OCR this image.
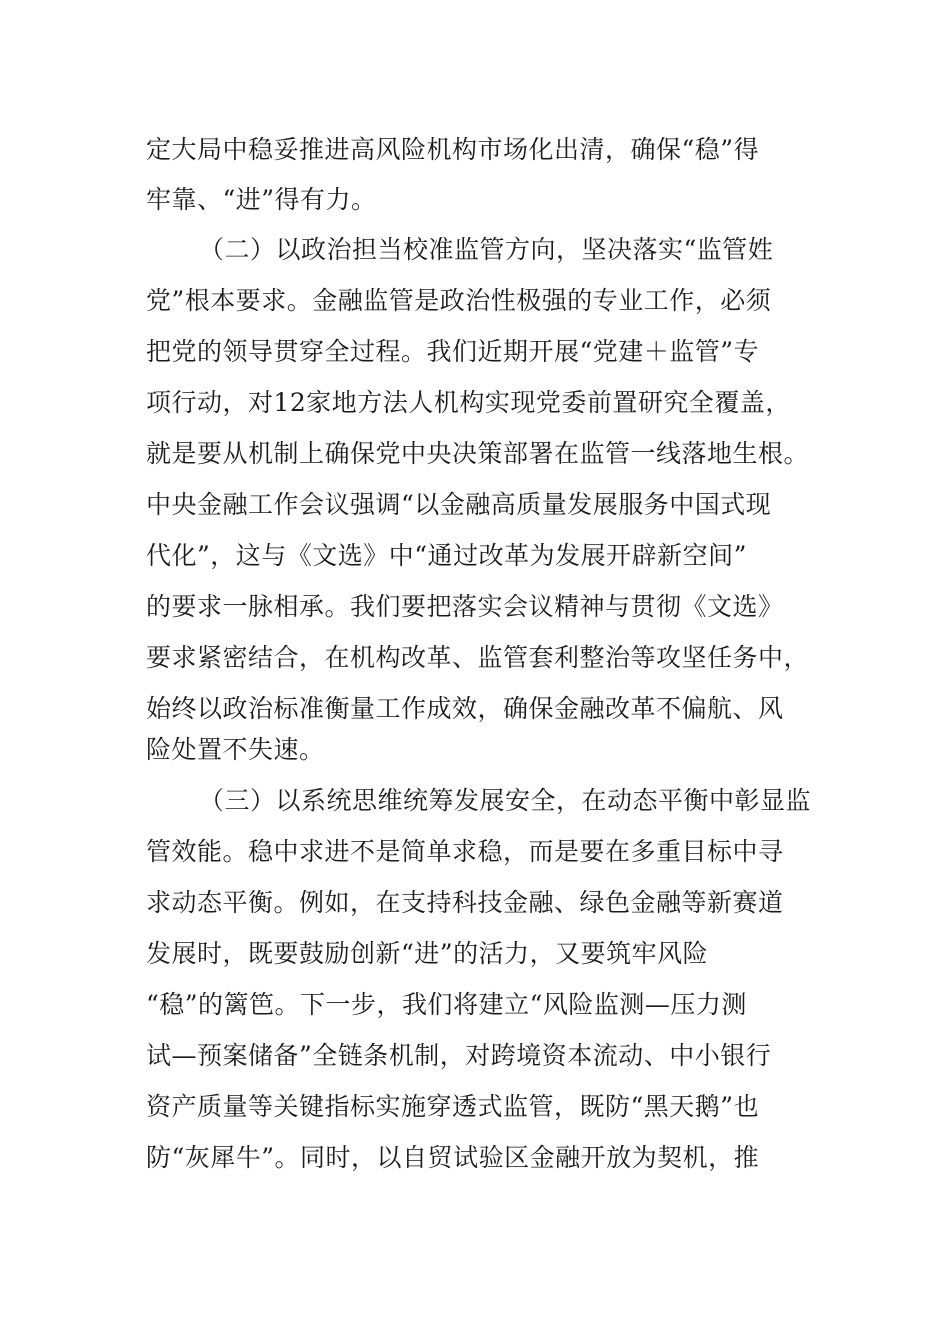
定大局中稳妥推进高风险机构市场化出清，确保“稳”得
牢靠、“进”得有力。
（二）以政治担当校准监管方向，坚决落实“监管姓
党”根本要求。金融监管是政治性极强的专业工作，必须
把党的领导贯穿全过程。我们近期开展“党建＋监管”专
项行动，对12家地方法人机构实现党委前置研究全覆盖，
就是要从机制上确保党中央决策部署在监管一线落地生根。
中央金融工作会议强调“以金融高质量发展服务中国式现
代化”，这与《文选》中“通过改革为发展开辟新空间”
的要求一脉相承。我们要把落实会议精神与贯彻《文选》
要求紧密结合，在机构改革、监管套利整治等攻坚任务中，
始终以政治标准衡量工作成效，确保金融改革不偏航、风
险处置不失速。
（三）以系统思维统筹发展安全，在动态平衡中彰显监
管效能。稳中求进不是简单求稳，而是要在多重目标中寻
求动态平衡。例如，在支持科技金融、绿色金融等新赛道
发展时，既要鼓励创新“进”的活力，又要筑牢风险
“稳”的篱笆。下一步，我们将建立“风险监测—压力测
试—预案储备”全链条机制，对跨境资本流动、中小银行
资产质量等关键指标实施穿透式监管，既防“黑天鹅”也
防“灰犀牛”。同时，以自贸试验区金融开放为契机，推
